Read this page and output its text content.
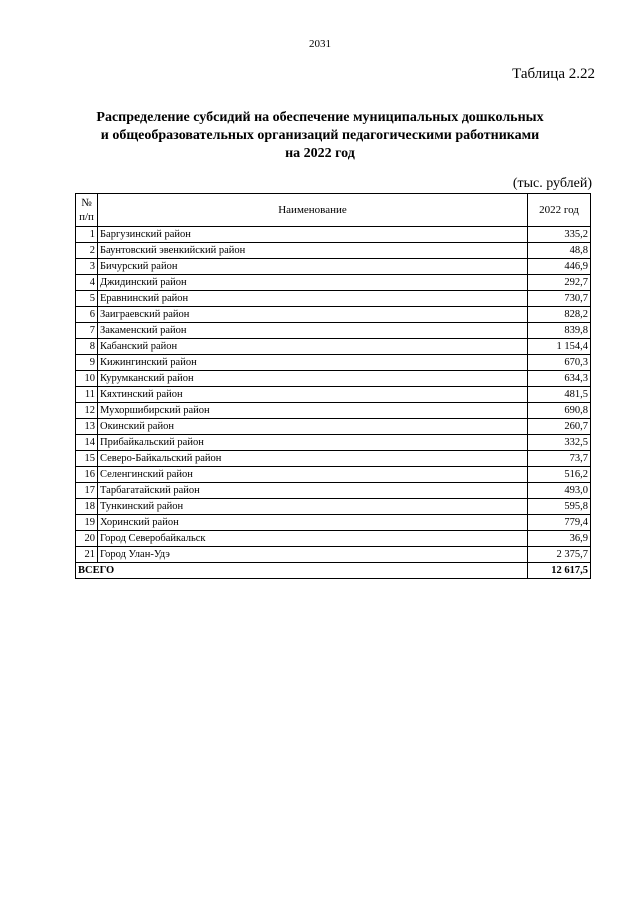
2031
Таблица 2.22
Распределение субсидий на обеспечение муниципальных дошкольных
и общеобразовательных организаций педагогическими работниками
на 2022 год
(тыс. рублей)
№
п/п	Наименование	2022 год
1	Баргузинский район	335,2
2	Баунтовский эвенкийский район	48,8
3	Бичурский район	446,9
4	Джидинский район	292,7
5	Еравнинский район	730,7
6	Заиграевский район	828,2
7	Закаменский район	839,8
8	Кабанский район	1 154,4
9	Кижингинский район	670,3
10	Курумканский район	634,3
11	Кяхтинский район	481,5
12	Мухоршибирский район	690,8
13	Окинский район	260,7
14	Прибайкальский район	332,5
15	Северо-Байкальский район	73,7
16	Селенгинский район	516,2
17	Тарбагатайский район	493,0
18	Тункинский район	595,8
19	Хоринский район	779,4
20	Город Северобайкальск	36,9
21	Город Улан-Удэ	2 375,7
ВСЕГО		12 617,5
